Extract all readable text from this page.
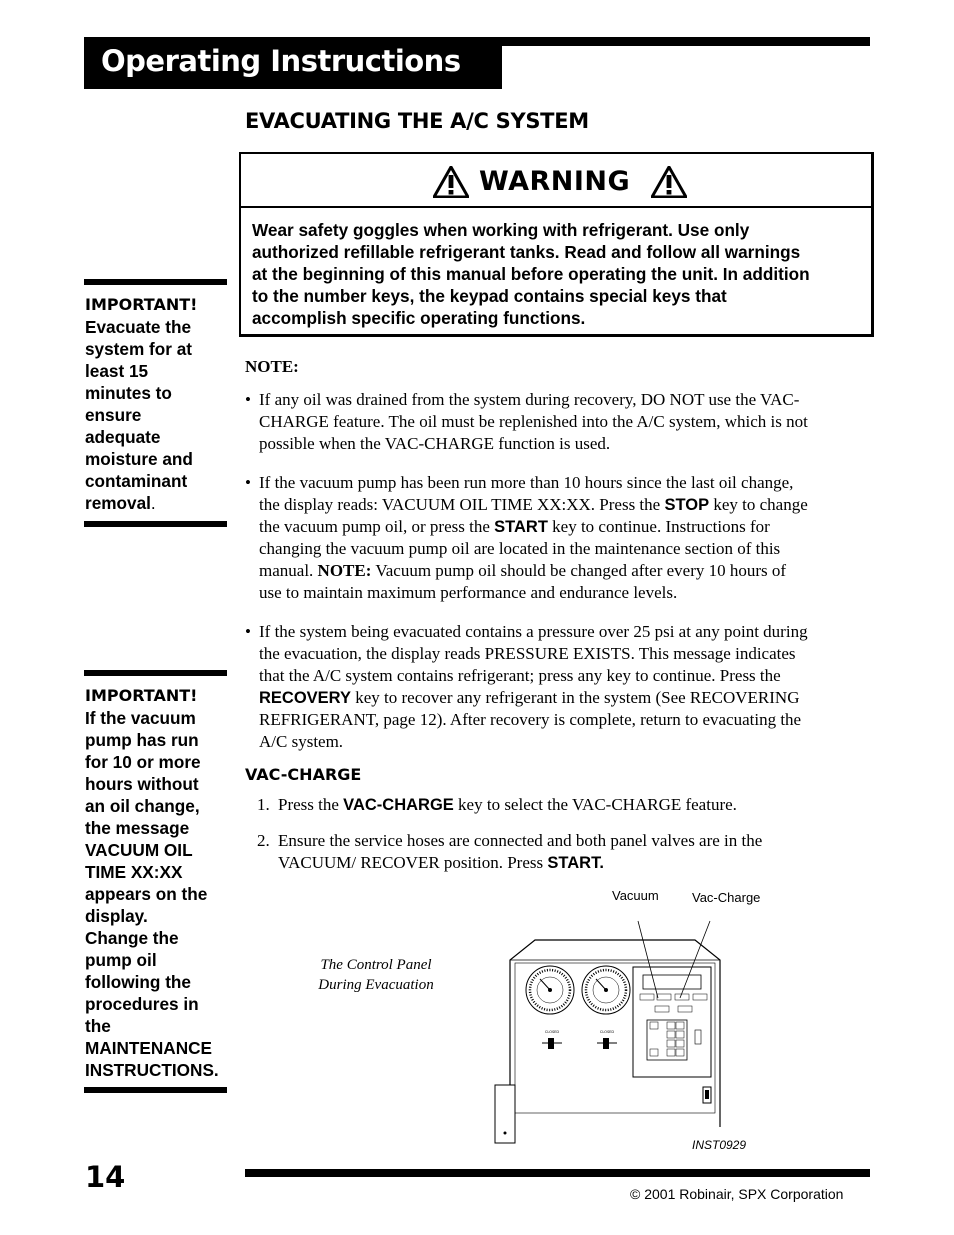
Operating Instructions
EVACUATING THE A/C SYSTEM
WARNING
Wear safety goggles when working with refrigerant. Use only
authorized refillable refrigerant tanks. Read and follow all warnings
at the beginning of this manual before operating the unit. In addition
to the number keys, the keypad contains special keys that
accomplish specific operating functions.
IMPORTANT!
Evacuate the
system for at
least 15
minutes to
ensure
adequate
moisture and
contaminant
removal.
IMPORTANT!
If the vacuum
pump has run
for 10 or more
hours without
an oil change,
the message
VACUUM OIL
TIME XX:XX
appears on the
display.
Change the
pump oil
following the
procedures in
the
MAINTENANCE
INSTRUCTIONS.
NOTE:
• If any oil was drained from the system during recovery, DO NOT use the VAC-
CHARGE feature. The oil must be replenished into the A/C system, which is not
possible when the VAC-CHARGE function is used.
• If the vacuum pump has been run more than 10 hours since the last oil change,
the display reads: VACUUM OIL TIME XX:XX. Press the STOP key to change
the vacuum pump oil, or press the START key to continue. Instructions for
changing the vacuum pump oil are located in the maintenance section of this
manual. NOTE: Vacuum pump oil should be changed after every 10 hours of
use to maintain maximum performance and endurance levels.
• If the system being evacuated contains a pressure over 25 psi at any point during
the evacuation, the display reads PRESSURE EXISTS. This message indicates
that the A/C system contains refrigerant; press any key to continue. Press the
RECOVERY key to recover any refrigerant in the system (See RECOVERING
REFRIGERANT, page 12). After recovery is complete, return to evacuating the
A/C system.
VAC-CHARGE
1. Press the VAC-CHARGE key to select the VAC-CHARGE feature.
2. Ensure the service hoses are connected and both panel valves are in the
VACUUM/ RECOVER position. Press START.
Vacuum	Vac-Charge
The Control Panel
During Evacuation
CLOSED	CLOSED
INST0929
14	© 2001 Robinair, SPX Corporation
